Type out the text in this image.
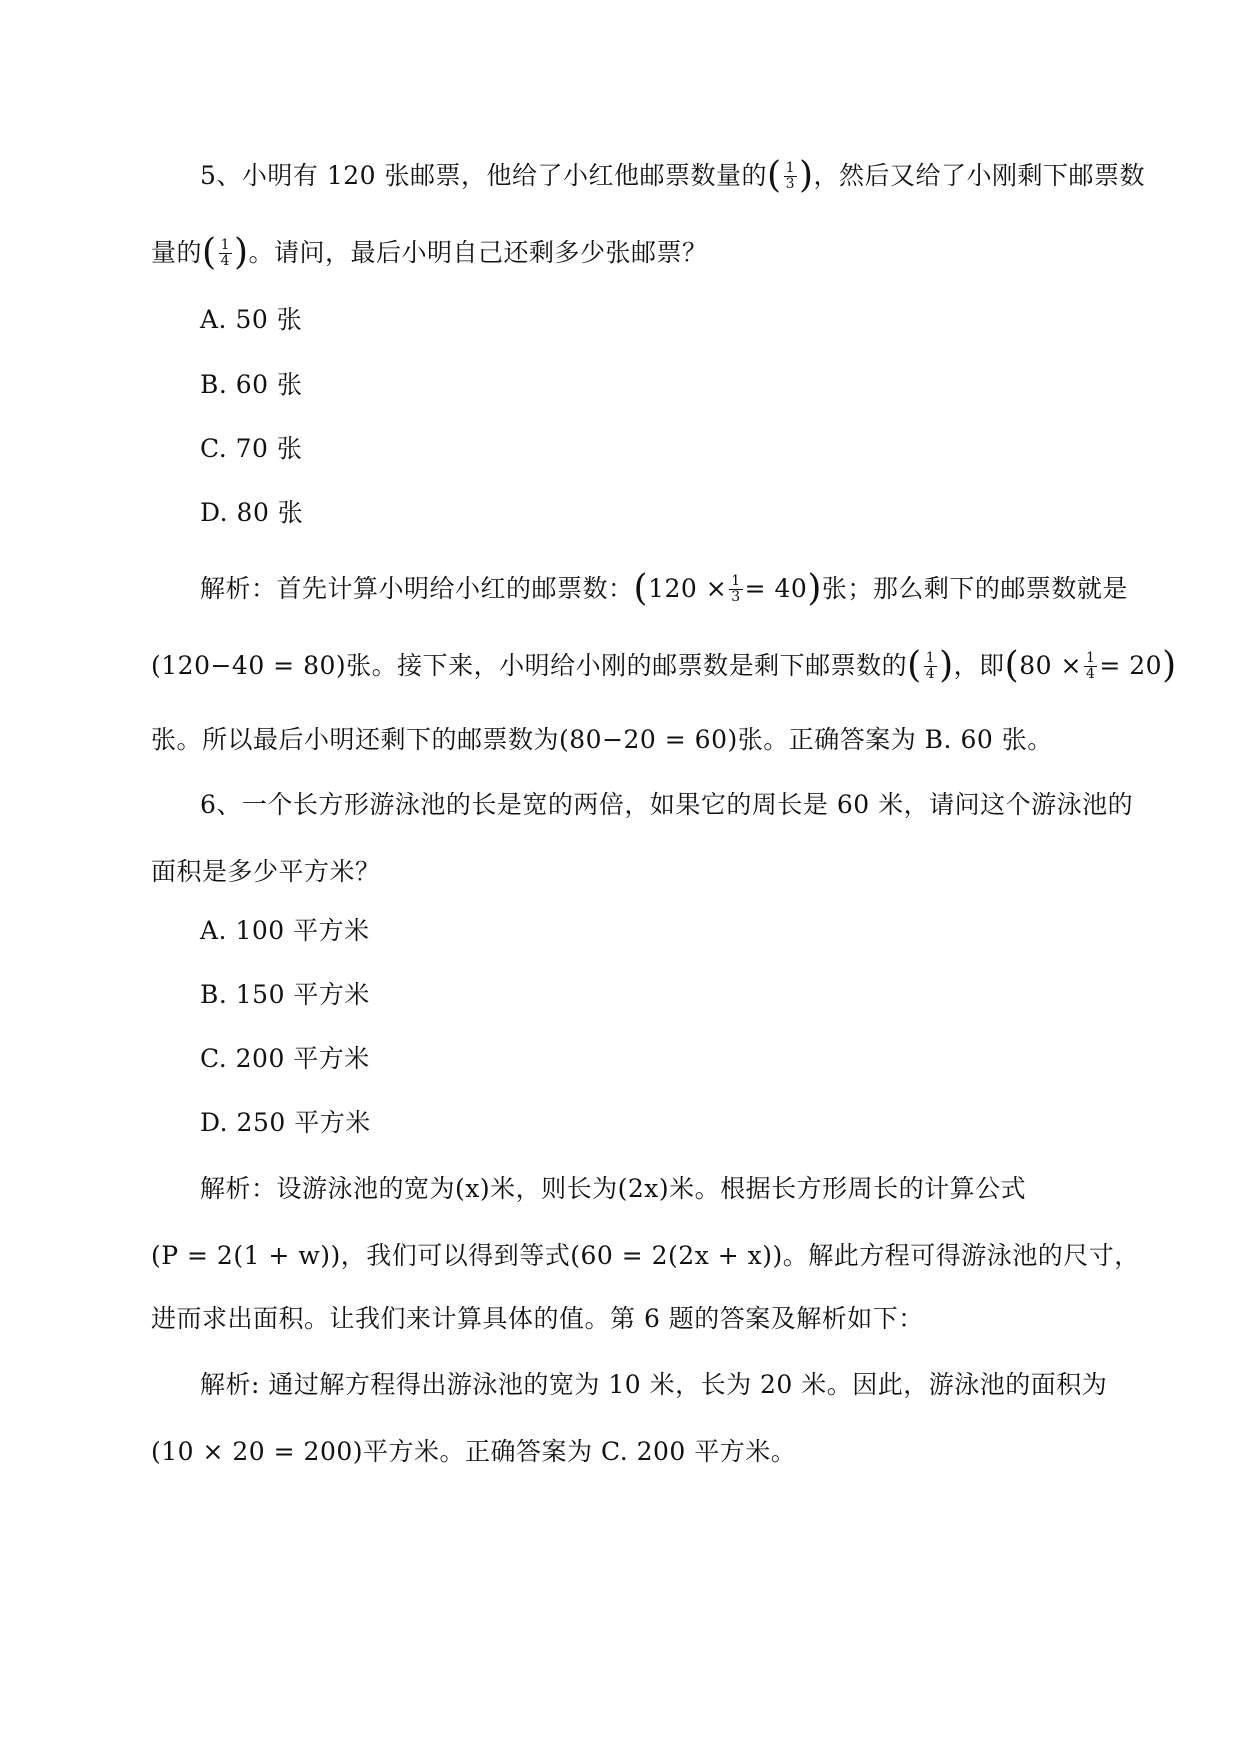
5、小明有 120 张邮票，他给了小红他邮票数量的( $\frac{1}{3}$ )，然后又给了小刚剩下邮票数
量的( $\frac{1}{4}$ )。请问，最后小明自己还剩多少张邮票？
A. 50 张
B. 60 张
C. 70 张
D. 80 张
解析：首先计算小明给小红的邮票数：$(120 \times \frac{1}{3} = 40)$张；那么剩下的邮票数就是
(120−40 = 80)张。接下来，小明给小刚的邮票数是剩下邮票数的( $\frac{1}{4}$ )，即$(80 \times \frac{1}{4} = 20)$
张。所以最后小明还剩下的邮票数为(80−20 = 60)张。正确答案为 B. 60 张。
6、一个长方形游泳池的长是宽的两倍，如果它的周长是 60 米，请问这个游泳池的
面积是多少平方米？
A. 100 平方米
B. 150 平方米
C. 200 平方米
D. 250 平方米
解析：设游泳池的宽为(x)米，则长为(2x)米。根据长方形周长的计算公式
(P = 2(1 + w))，我们可以得到等式(60 = 2(2x + x))。解此方程可得游泳池的尺寸，
进而求出面积。让我们来计算具体的值。第 6 题的答案及解析如下：
解析: 通过解方程得出游泳池的宽为 10 米，长为 20 米。因此，游泳池的面积为
(10 × 20 = 200)平方米。正确答案为 C. 200 平方米。
